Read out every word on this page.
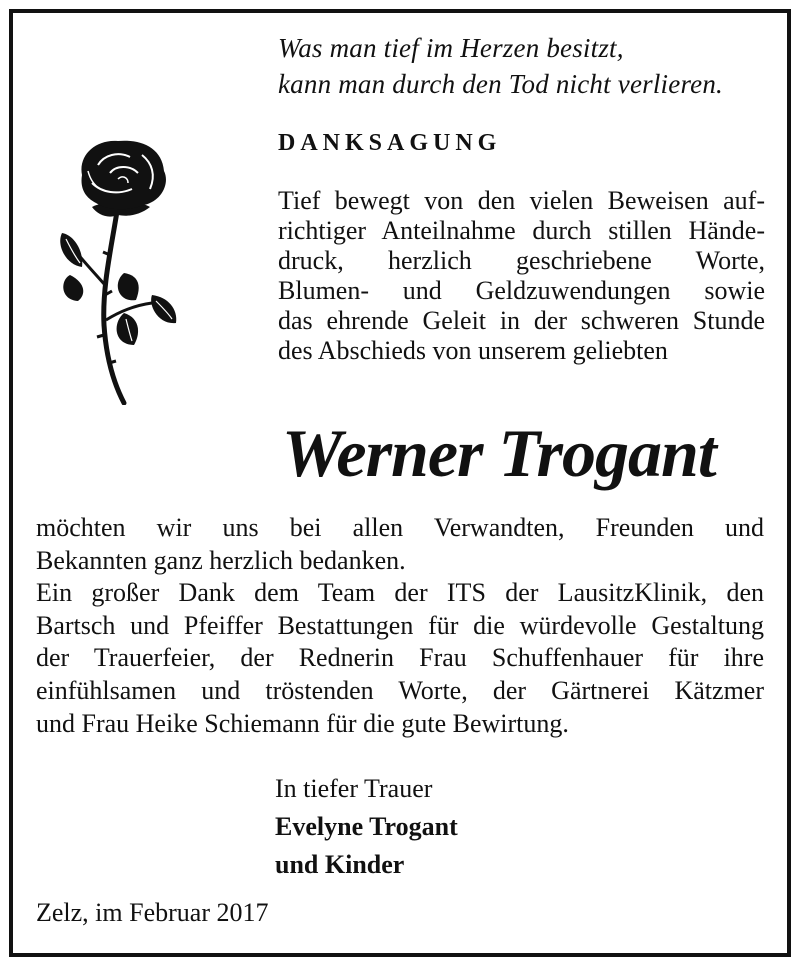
Was man tief im Herzen besitzt,
kann man durch den Tod nicht verlieren.
DANKSAGUNG
Tief bewegt von den vielen Beweisen auf-
richtiger Anteilnahme durch stillen Hände-
druck, herzlich geschriebene Worte,
Blumen- und Geldzuwendungen sowie
das ehrende Geleit in der schweren Stunde
des Abschieds von unserem geliebten
Werner Trogant
möchten wir uns bei allen Verwandten, Freunden und
Bekannten ganz herzlich bedanken.
Ein großer Dank dem Team der ITS der LausitzKlinik, den
Bartsch und Pfeiffer Bestattungen für die würdevolle Gestaltung
der Trauerfeier, der Rednerin Frau Schuffenhauer für ihre
einfühlsamen und tröstenden Worte, der Gärtnerei Kätzmer
und Frau Heike Schiemann für die gute Bewirtung.
In tiefer Trauer
Evelyne Trogant
und Kinder
Zelz, im Februar 2017
